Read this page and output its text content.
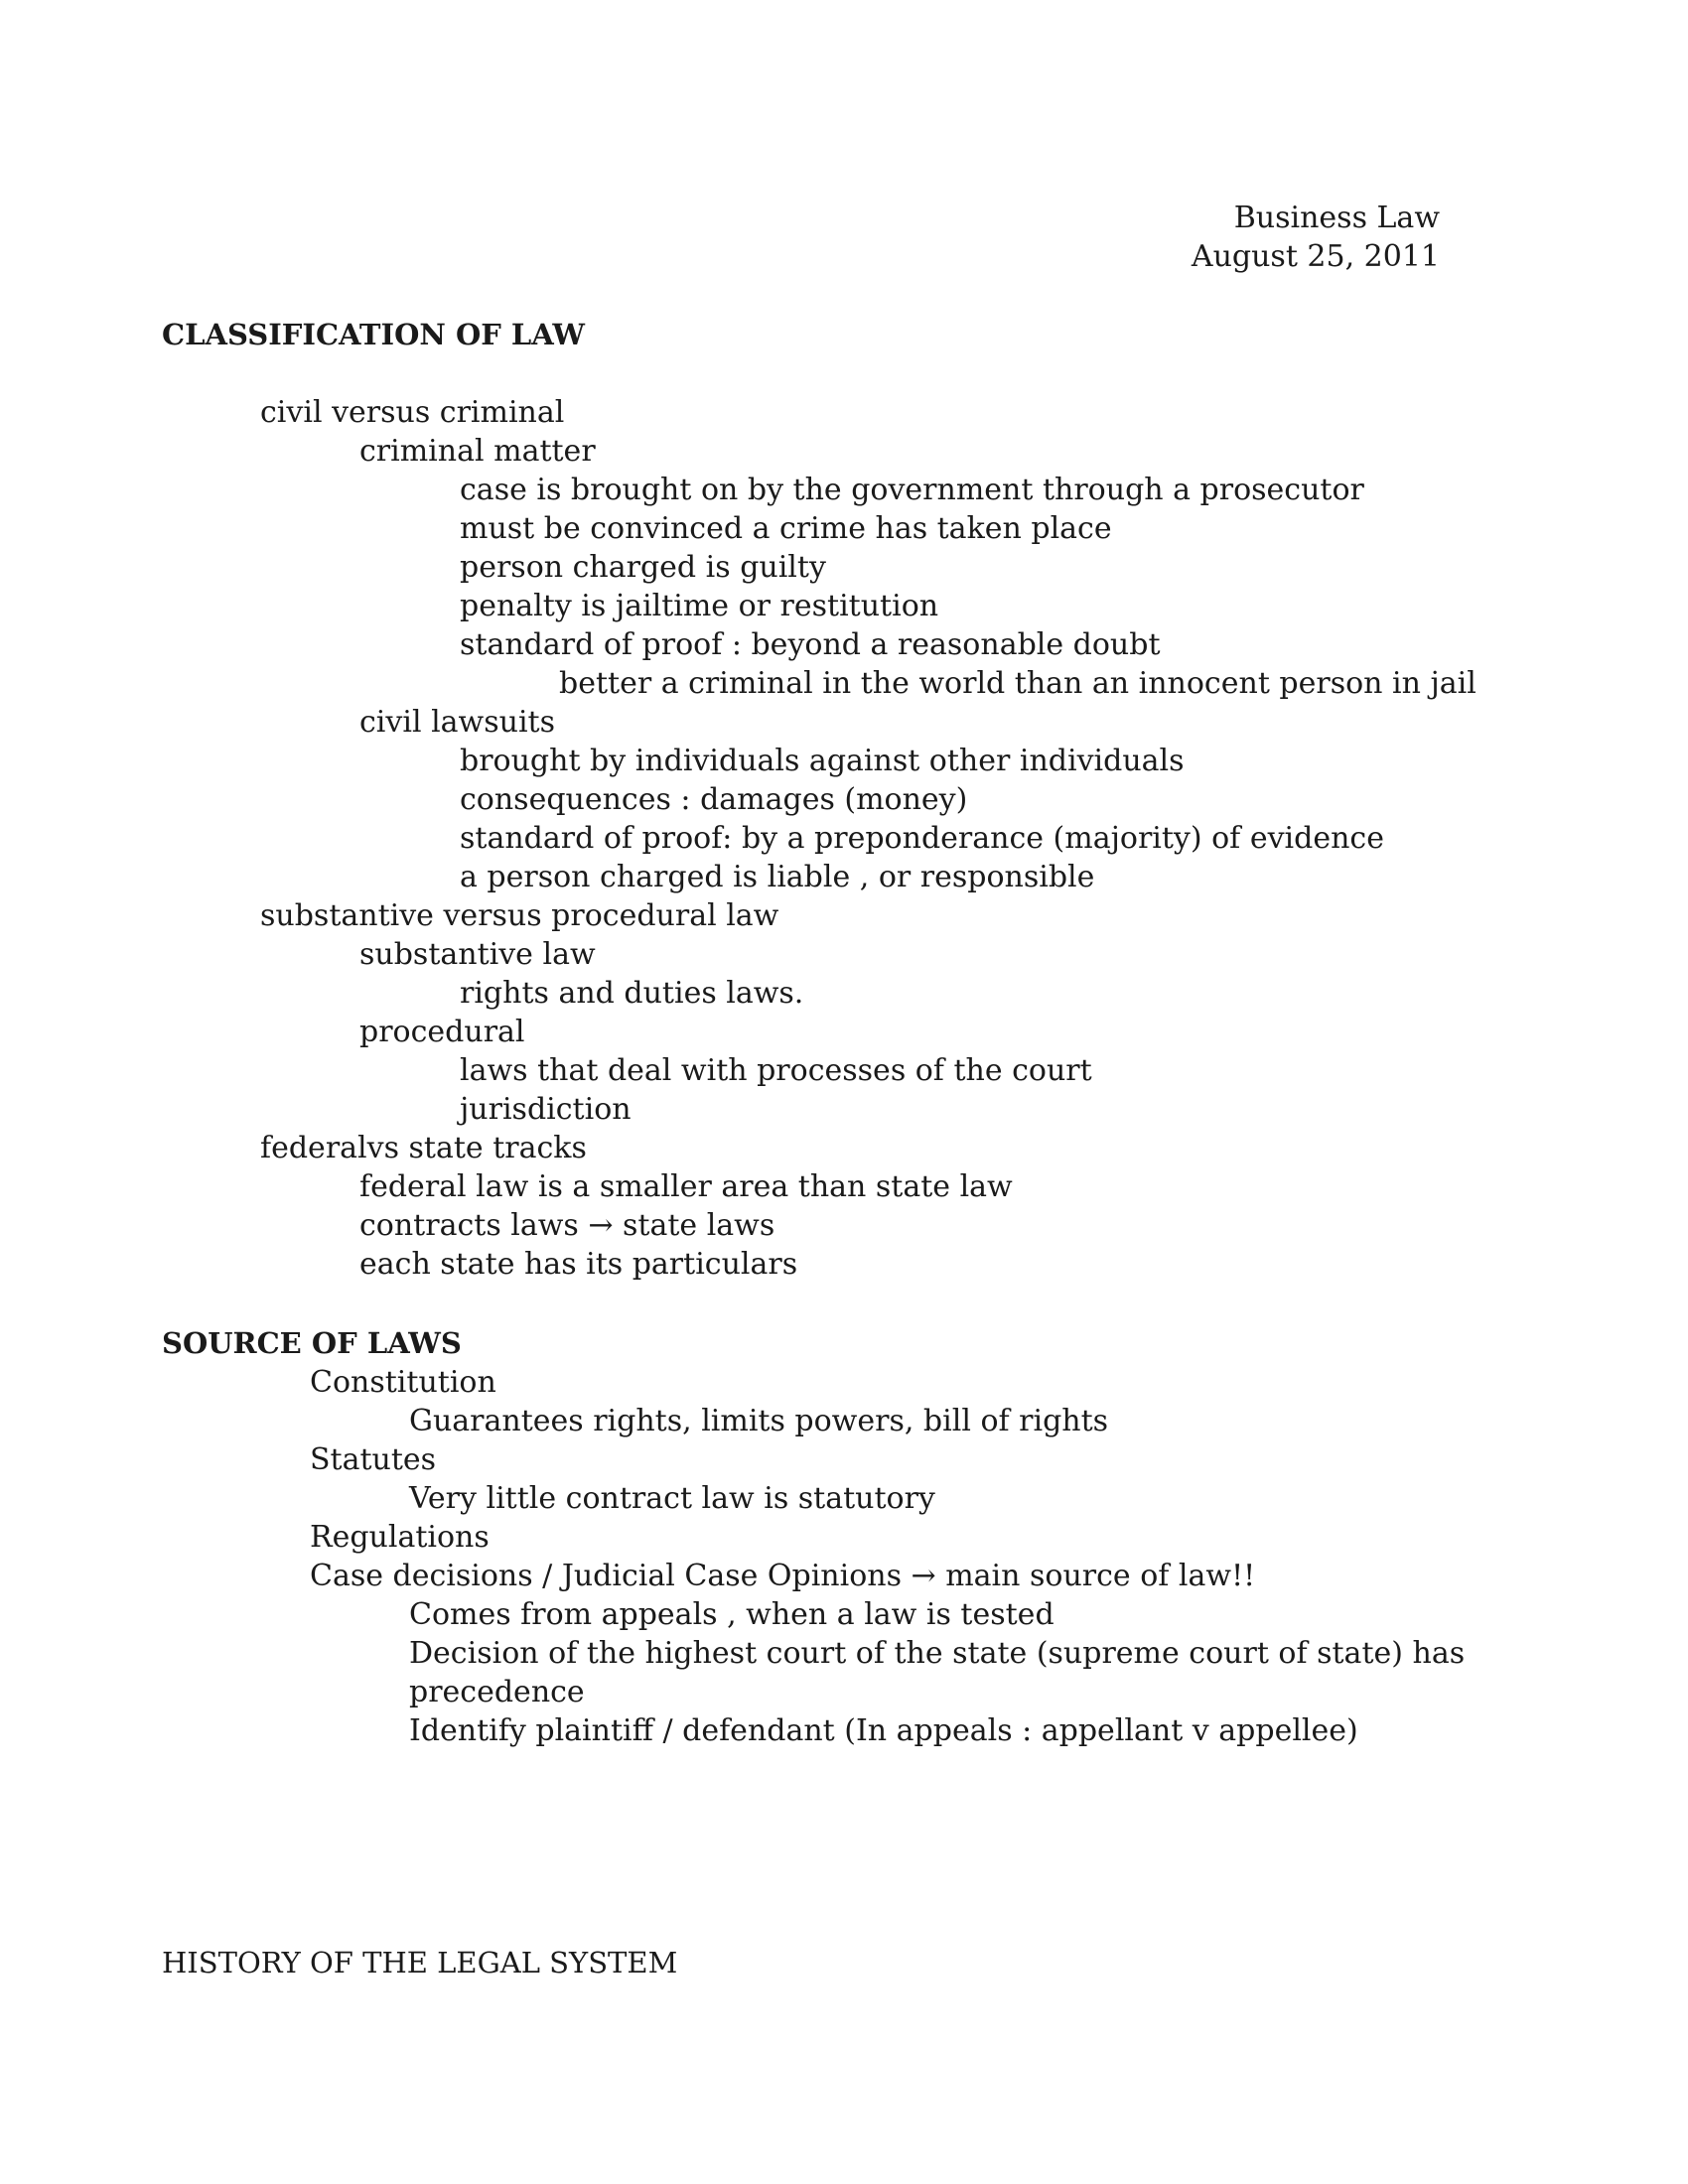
Business Law
August 25, 2011
CLASSIFICATION OF LAW
civil versus criminal
criminal matter
case is brought on by the government through a prosecutor
must be convinced a crime has taken place
person charged is guilty
penalty is jailtime or restitution
standard of proof : beyond a reasonable doubt
better a criminal in the world than an innocent person in jail
civil lawsuits
brought by individuals against other individuals
consequences : damages (money)
standard of proof: by a preponderance (majority) of evidence
a person charged is liable , or responsible
substantive versus procedural law
substantive law
rights and duties laws.
procedural
laws that deal with processes of the court
jurisdiction
federalvs state tracks
federal law is a smaller area than state law
contracts laws → state laws
each state has its particulars
SOURCE OF LAWS
Constitution
Guarantees rights, limits powers, bill of rights
Statutes
Very little contract law is statutory
Regulations
Case decisions / Judicial Case Opinions → main source of law!!
Comes from appeals , when a law is tested
Decision of the highest court of the state (supreme court of state) has
precedence
Identify plaintiff / defendant (In appeals : appellant v appellee)
HISTORY OF THE LEGAL SYSTEM
